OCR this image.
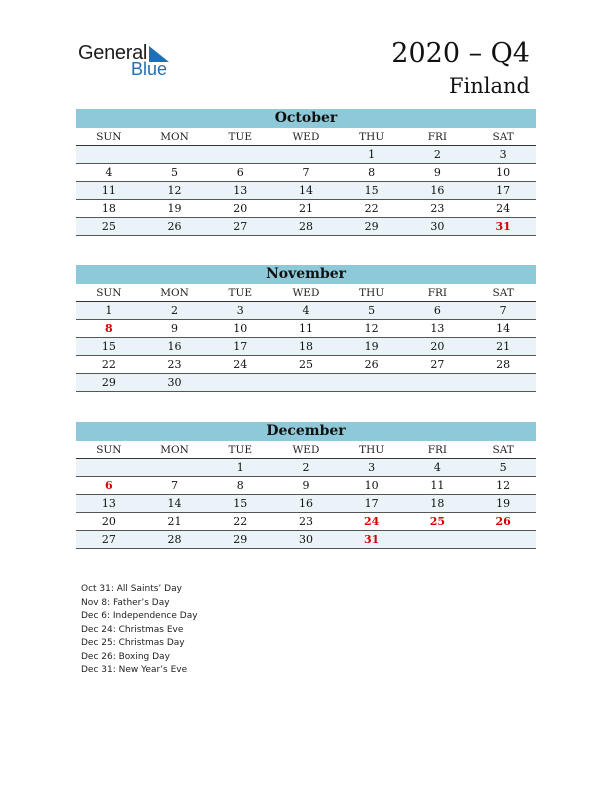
General
Blue	2020 – Q4
Finland
October
SUN	MON	TUE	WED	THU	FRI	SAT
				1	2	3
4	5	6	7	8	9	10
11	12	13	14	15	16	17
18	19	20	21	22	23	24
25	26	27	28	29	30	31
November
SUN	MON	TUE	WED	THU	FRI	SAT
1	2	3	4	5	6	7
8	9	10	11	12	13	14
15	16	17	18	19	20	21
22	23	24	25	26	27	28
29	30					
December
SUN	MON	TUE	WED	THU	FRI	SAT
		1	2	3	4	5
6	7	8	9	10	11	12
13	14	15	16	17	18	19
20	21	22	23	24	25	26
27	28	29	30	31		
Oct 31: All Saints’ Day
Nov 8: Father’s Day
Dec 6: Independence Day
Dec 24: Christmas Eve
Dec 25: Christmas Day
Dec 26: Boxing Day
Dec 31: New Year’s Eve
